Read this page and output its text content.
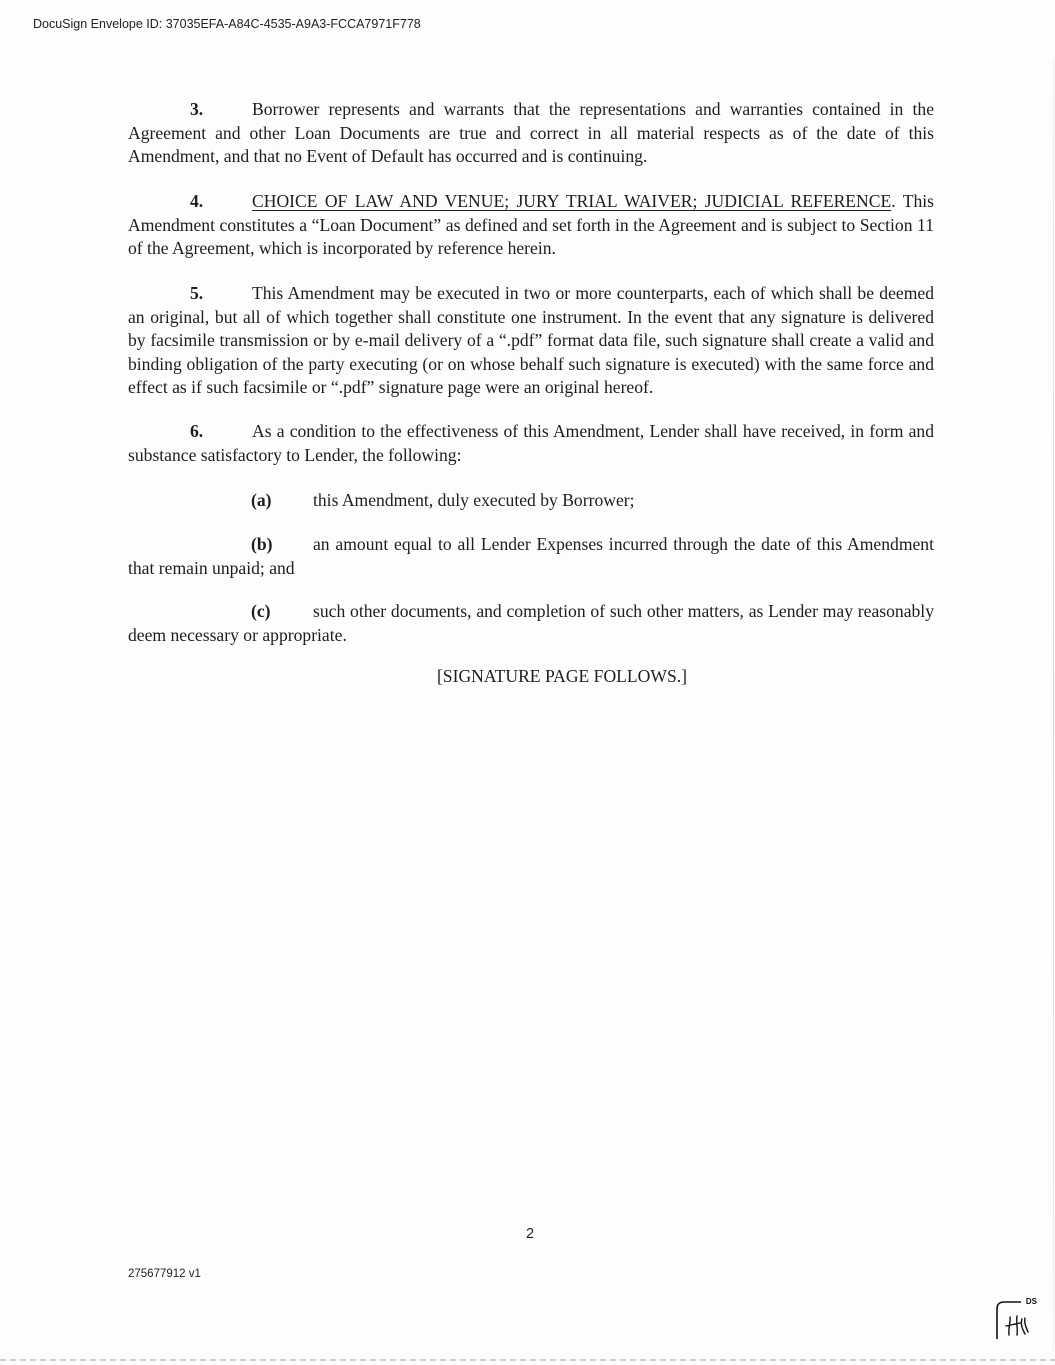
DocuSign Envelope ID: 37035EFA-A84C-4535-A9A3-FCCA7971F778

3.	Borrower represents and warrants that the representations and warranties contained in the Agreement and other Loan Documents are true and correct in all material respects as of the date of this Amendment, and that no Event of Default has occurred and is continuing.

4.	CHOICE OF LAW AND VENUE; JURY TRIAL WAIVER; JUDICIAL REFERENCE. This Amendment constitutes a “Loan Document” as defined and set forth in the Agreement and is subject to Section 11 of the Agreement, which is incorporated by reference herein.

5.	This Amendment may be executed in two or more counterparts, each of which shall be deemed an original, but all of which together shall constitute one instrument. In the event that any signature is delivered by facsimile transmission or by e-mail delivery of a “.pdf” format data file, such signature shall create a valid and binding obligation of the party executing (or on whose behalf such signature is executed) with the same force and effect as if such facsimile or “.pdf” signature page were an original hereof.

6.	As a condition to the effectiveness of this Amendment, Lender shall have received, in form and substance satisfactory to Lender, the following:

(a) this Amendment, duly executed by Borrower;

(b) an amount equal to all Lender Expenses incurred through the date of this Amendment that remain unpaid; and

(c) such other documents, and completion of such other matters, as Lender may reasonably deem necessary or appropriate.

[SIGNATURE PAGE FOLLOWS.]
2
275677912 v1
DS
